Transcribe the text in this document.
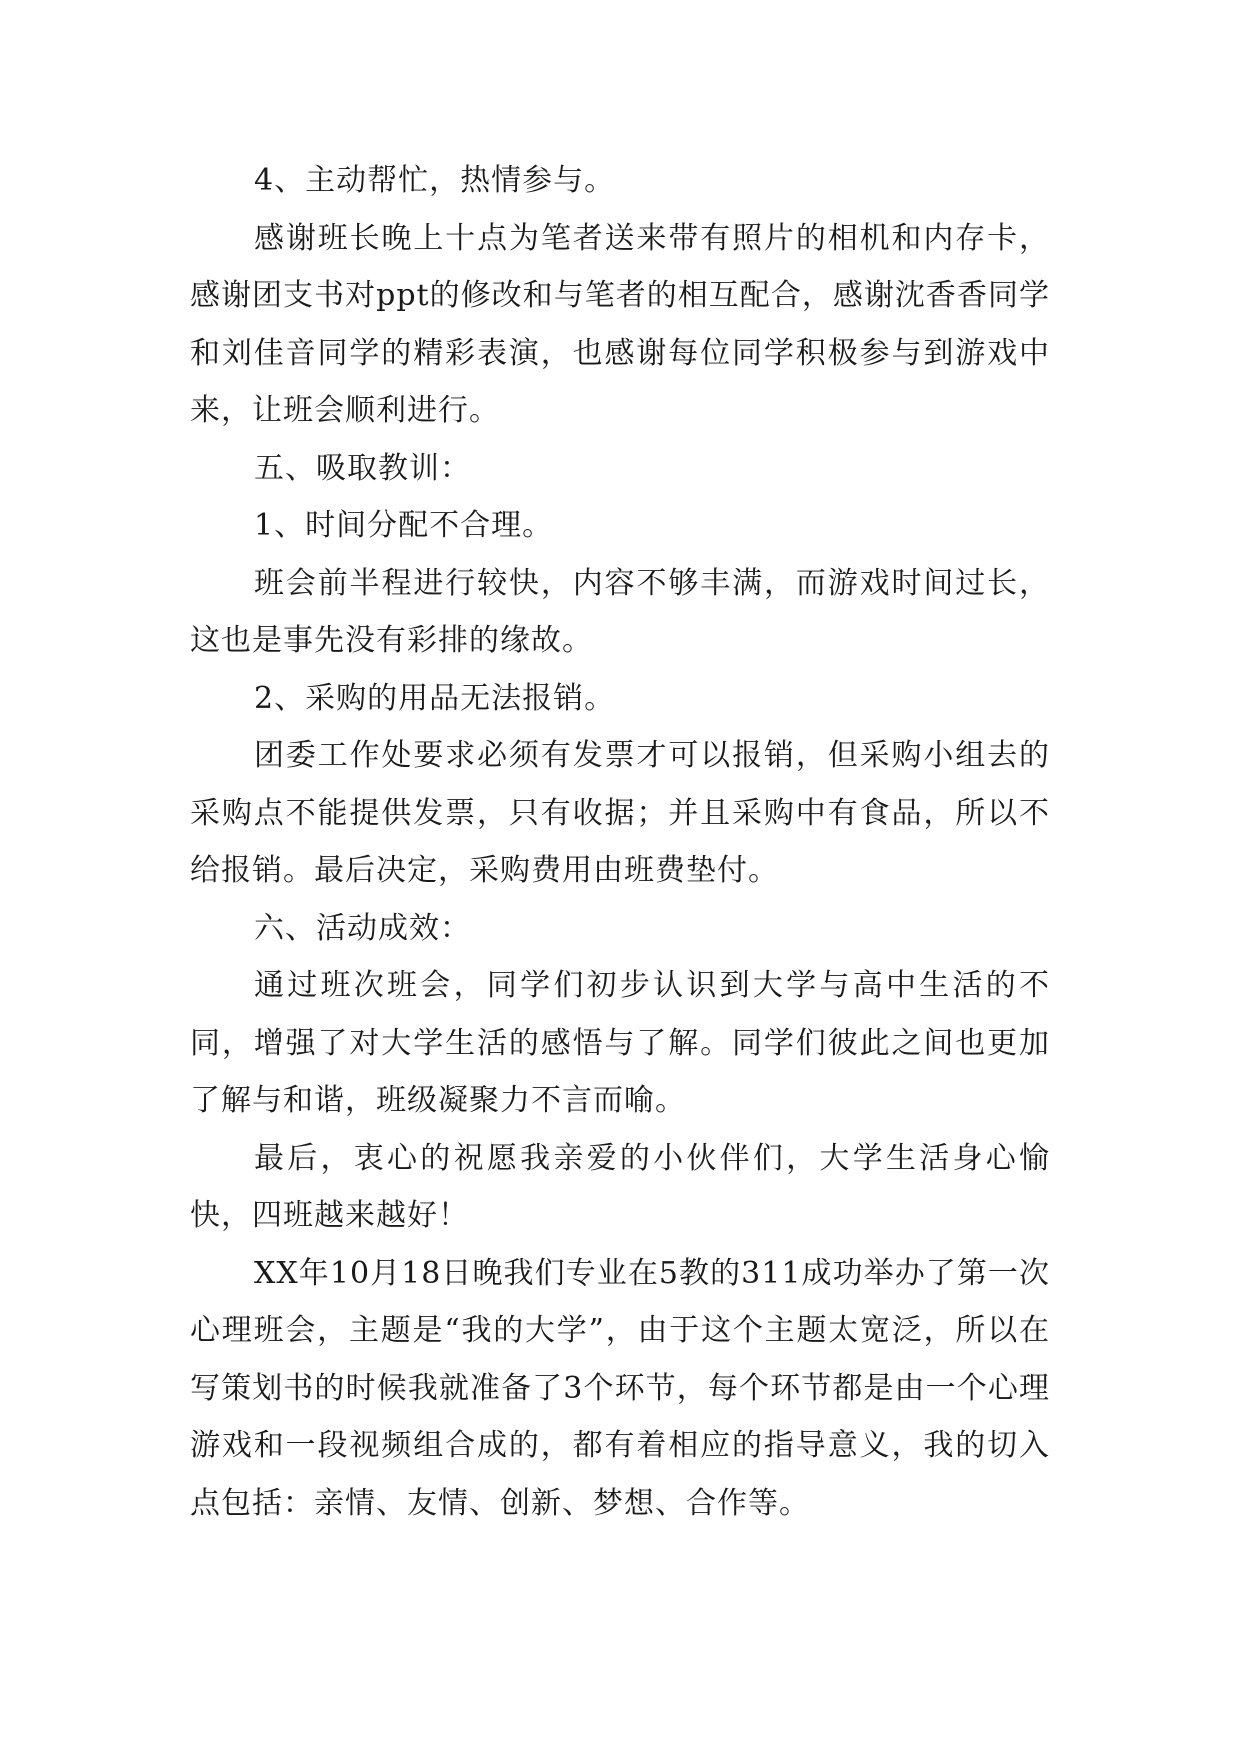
4、主动帮忙，热情参与。

感谢班长晚上十点为笔者送来带有照片的相机和内存卡，感谢团支书对ppt的修改和与笔者的相互配合，感谢沈香香同学和刘佳音同学的精彩表演，也感谢每位同学积极参与到游戏中来，让班会顺利进行。

五、吸取教训：

1、时间分配不合理。

班会前半程进行较快，内容不够丰满，而游戏时间过长，这也是事先没有彩排的缘故。

2、采购的用品无法报销。

团委工作处要求必须有发票才可以报销，但采购小组去的采购点不能提供发票，只有收据；并且采购中有食品，所以不给报销。最后决定，采购费用由班费垫付。

六、活动成效：

通过班次班会，同学们初步认识到大学与高中生活的不同，增强了对大学生活的感悟与了解。同学们彼此之间也更加了解与和谐，班级凝聚力不言而喻。

最后，衷心的祝愿我亲爱的小伙伴们，大学生活身心愉快，四班越来越好！

XX年10月18日晚我们专业在5教的311成功举办了第一次心理班会，主题是“我的大学”，由于这个主题太宽泛，所以在写策划书的时候我就准备了3个环节，每个环节都是由一个心理游戏和一段视频组合成的，都有着相应的指导意义，我的切入点包括：亲情、友情、创新、梦想、合作等。
